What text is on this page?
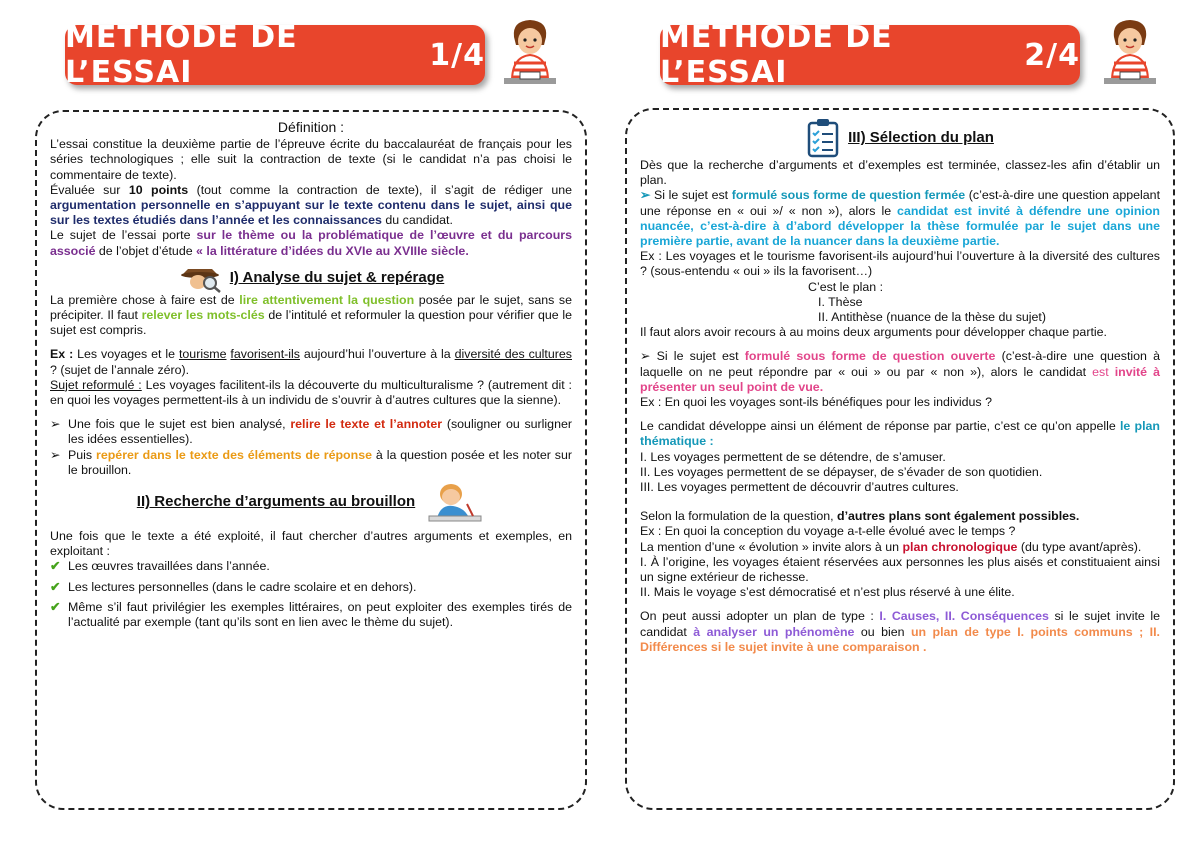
MÉTHODE DE L’ESSAI	1/4
Définition :

L’essai constitue la deuxième partie de l’épreuve écrite du baccalauréat de français pour les séries technologiques ; elle suit la contraction de texte (si le candidat n’a pas choisi le commentaire de texte).

Évaluée sur 10 points (tout comme la contraction de texte), il s’agit de rédiger une argumentation personnelle en s’appuyant sur le texte contenu dans le sujet, ainsi que sur les textes étudiés dans l’année et les connaissances du candidat.

Le sujet de l’essai porte sur le thème ou la problématique de l’œuvre et du parcours associé de l’objet d’étude « la littérature d’idées du XVIe au XVIIIe siècle.

I) Analyse du sujet & repérage

La première chose à faire est de lire attentivement la question posée par le sujet, sans se précipiter. Il faut relever les mots-clés de l’intitulé et reformuler la question pour vérifier que le sujet est compris.

Ex : Les voyages et le tourisme favorisent-ils aujourd’hui l’ouverture à la diversité des cultures ? (sujet de l’annale zéro).

Sujet reformulé : Les voyages facilitent-ils la découverte du multiculturalisme ? (autrement dit : en quoi les voyages permettent-ils à un individu de s’ouvrir à d’autres cultures que la sienne).

➢ Une fois que le sujet est bien analysé, relire le texte et l’annoter (souligner ou surligner les idées essentielles).
➢ Puis repérer dans le texte des éléments de réponse à la question posée et les noter sur le brouillon.
II) Recherche d’arguments au brouillon

Une fois que le texte a été exploité, il faut chercher d’autres arguments et exemples, en exploitant :

✔ Les œuvres travaillées dans l’année.
✔ Les lectures personnelles (dans le cadre scolaire et en dehors).
✔ Même s’il faut privilégier les exemples littéraires, on peut exploiter des exemples tirés de l’actualité par exemple (tant qu’ils sont en lien avec le thème du sujet).
MÉTHODE DE L’ESSAI	2/4
III) Sélection du plan

Dès que la recherche d’arguments et d’exemples est terminée, classez-les afin d’établir un plan.

➢ Si le sujet est formulé sous forme de question fermée (c’est-à-dire une question appelant une réponse en « oui »/ « non »), alors le candidat est invité à défendre une opinion nuancée, c’est-à-dire à d’abord développer la thèse formulée par le sujet dans une première partie, avant de la nuancer dans la deuxième partie.

Ex : Les voyages et le tourisme favorisent-ils aujourd’hui l’ouverture à la diversité des cultures ? (sous-entendu « oui » ils la favorisent…)

C’est le plan :
I. Thèse
II. Antithèse (nuance de la thèse du sujet)

Il faut alors avoir recours à au moins deux arguments pour développer chaque partie.

➢ Si le sujet est formulé sous forme de question ouverte (c’est-à-dire une question à laquelle on ne peut répondre par « oui » ou par « non »), alors le candidat est invité à présenter un seul point de vue.

Ex : En quoi les voyages sont-ils bénéfiques pour les individus ?

Le candidat développe ainsi un élément de réponse par partie, c’est ce qu’on appelle le plan thématique :

I. Les voyages permettent de se détendre, de s’amuser.

II. Les voyages permettent de se dépayser, de s’évader de son quotidien.

III. Les voyages permettent de découvrir d’autres cultures.

Selon la formulation de la question, d’autres plans sont également possibles.

Ex : En quoi la conception du voyage a-t-elle évolué avec le temps ?

La mention d’une « évolution » invite alors à un plan chronologique (du type avant/après).

I. À l’origine, les voyages étaient réservées aux personnes les plus aisés et constituaient ainsi un signe extérieur de richesse.

II. Mais le voyage s’est démocratisé et n’est plus réservé à une élite.

On peut aussi adopter un plan de type : I. Causes, II. Conséquences si le sujet invite le candidat à analyser un phénomène ou bien un plan de type I. points communs ; II. Différences si le sujet invite à une comparaison .
